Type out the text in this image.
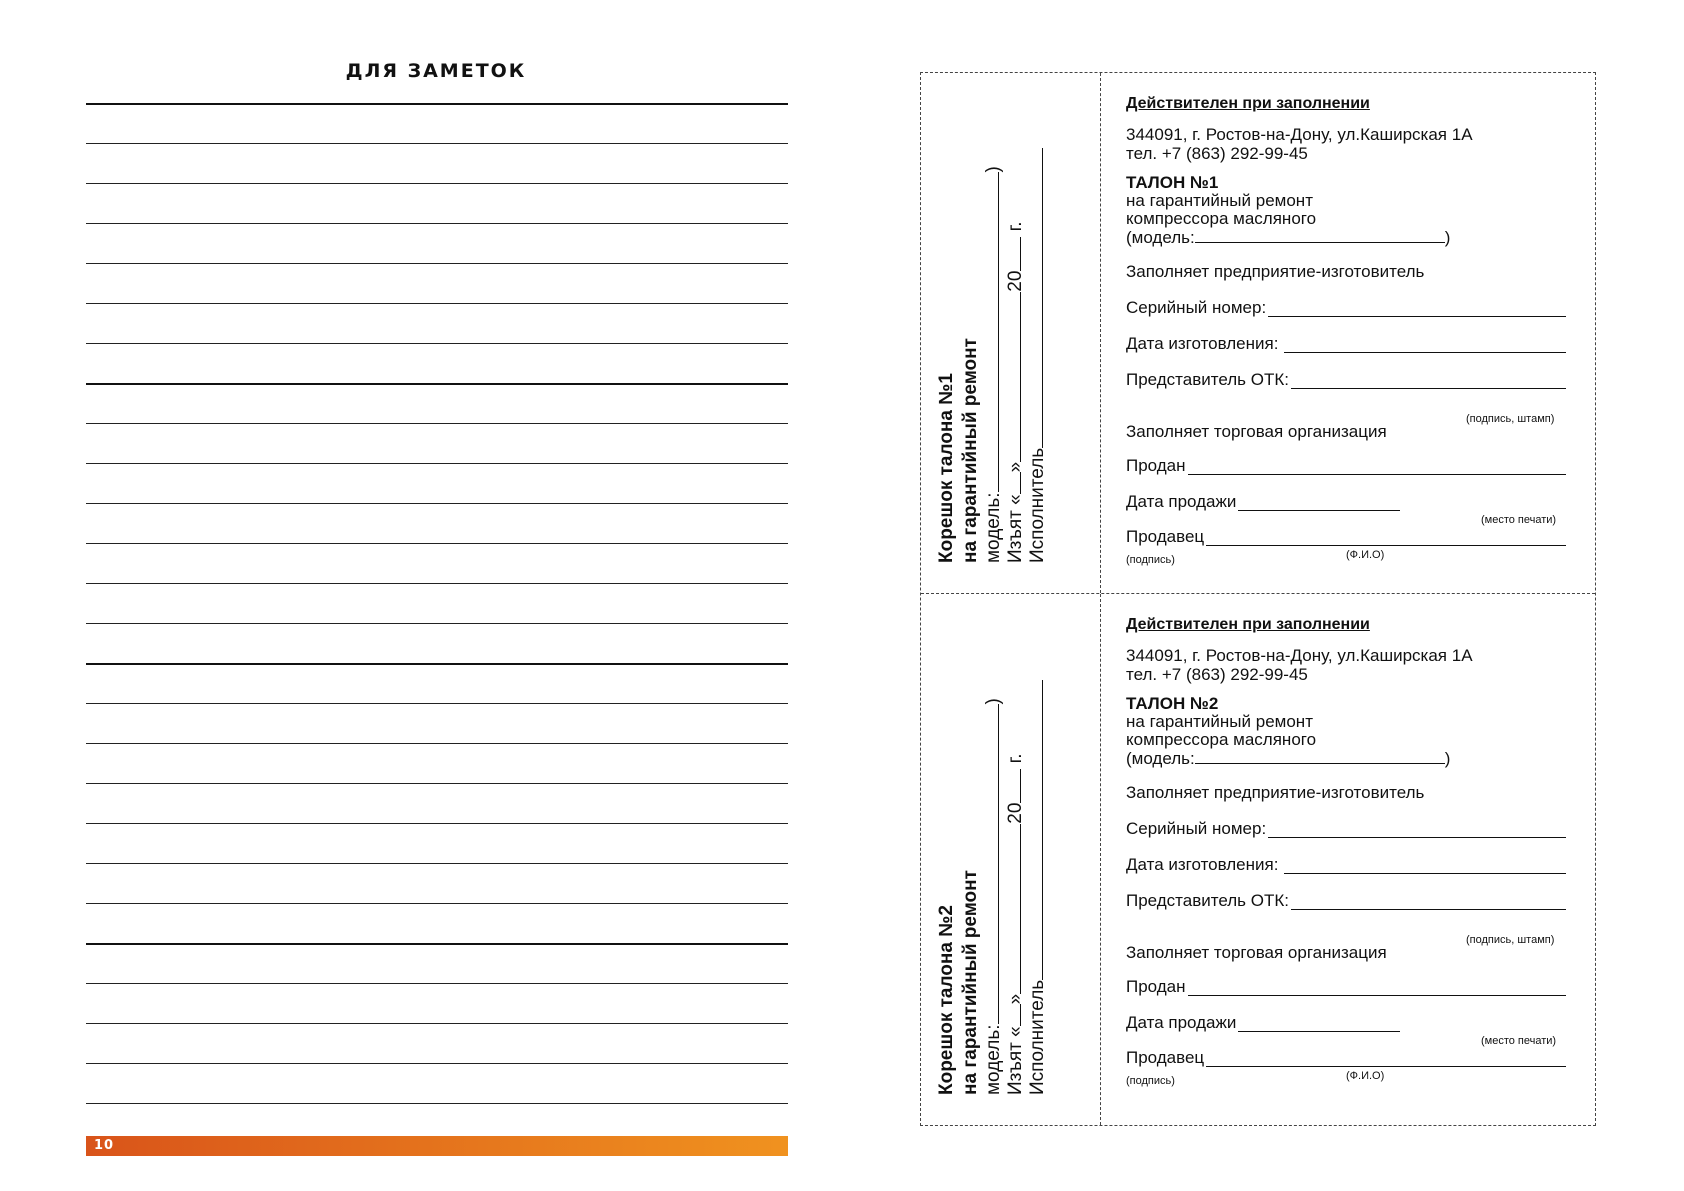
ДЛЯ ЗАМЕТОК
10
Корешок талона №1 на гарантийный ремонт модель:)
Изъят «»20 г.
Исполнитель
Действителен при заполнении
344091, г. Ростов-на-Дону, ул.Каширская 1А
тел. +7 (863) 292-99-45
ТАЛОН №1
на гарантийный ремонт
компрессора масляного
(модель:	)
Заполняет предприятие-изготовитель
Серийный номер:
Дата изготовления:
Представитель ОТК:
(подпись, штамп)
Заполняет торговая организация
Продан
Дата продажи
(место печати)
Продавец
(подпись)	(Ф.И.О)
Корешок талона №2 на гарантийный ремонт модель:)
Изъят «»20 г.
Исполнитель
Действителен при заполнении
344091, г. Ростов-на-Дону, ул.Каширская 1А
тел. +7 (863) 292-99-45
ТАЛОН №2
на гарантийный ремонт
компрессора масляного
(модель:	)
Заполняет предприятие-изготовитель
Серийный номер:
Дата изготовления:
Представитель ОТК:
(подпись, штамп)
Заполняет торговая организация
Продан
Дата продажи
(место печати)
Продавец
(подпись)	(Ф.И.О)
